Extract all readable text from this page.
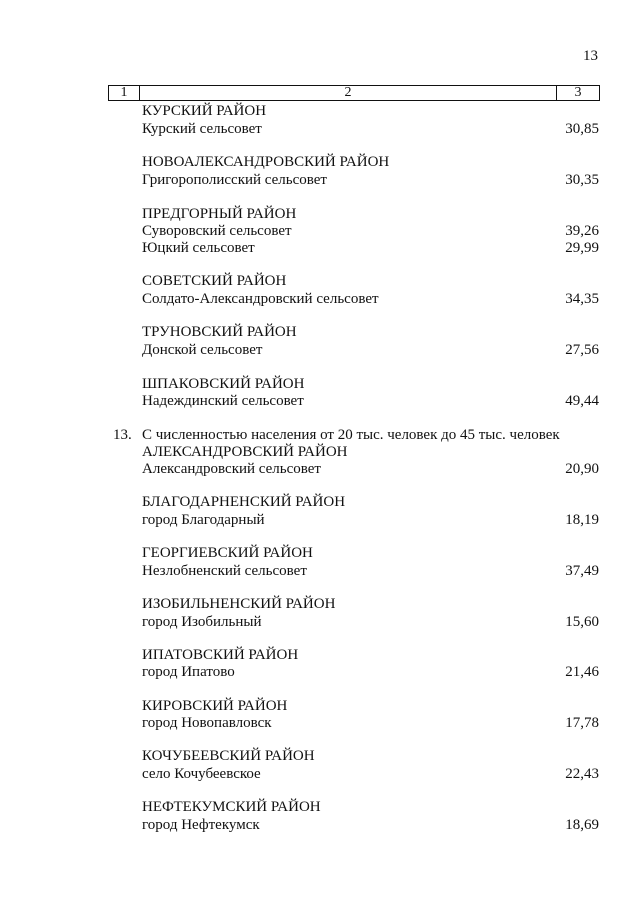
13
1	2	3
КУРСКИЙ РАЙОН
Курский сельсовет	30,85
НОВОАЛЕКСАНДРОВСКИЙ РАЙОН
Григорополисский сельсовет	30,35
ПРЕДГОРНЫЙ РАЙОН
Суворовский сельсовет	39,26
Юцкий сельсовет	29,99
СОВЕТСКИЙ РАЙОН
Солдато-Александровский сельсовет	34,35
ТРУНОВСКИЙ РАЙОН
Донской сельсовет	27,56
ШПАКОВСКИЙ РАЙОН
Надеждинский сельсовет	49,44
13. С численностью населения от 20 тыс. человек до 45 тыс. человек
АЛЕКСАНДРОВСКИЙ РАЙОН
Александровский сельсовет	20,90
БЛАГОДАРНЕНСКИЙ РАЙОН
город Благодарный	18,19
ГЕОРГИЕВСКИЙ РАЙОН
Незлобненский сельсовет	37,49
ИЗОБИЛЬНЕНСКИЙ РАЙОН
город Изобильный	15,60
ИПАТОВСКИЙ РАЙОН
город Ипатово	21,46
КИРОВСКИЙ РАЙОН
город Новопавловск	17,78
КОЧУБЕЕВСКИЙ РАЙОН
село Кочубеевское	22,43
НЕФТЕКУМСКИЙ РАЙОН
город Нефтекумск	18,69
